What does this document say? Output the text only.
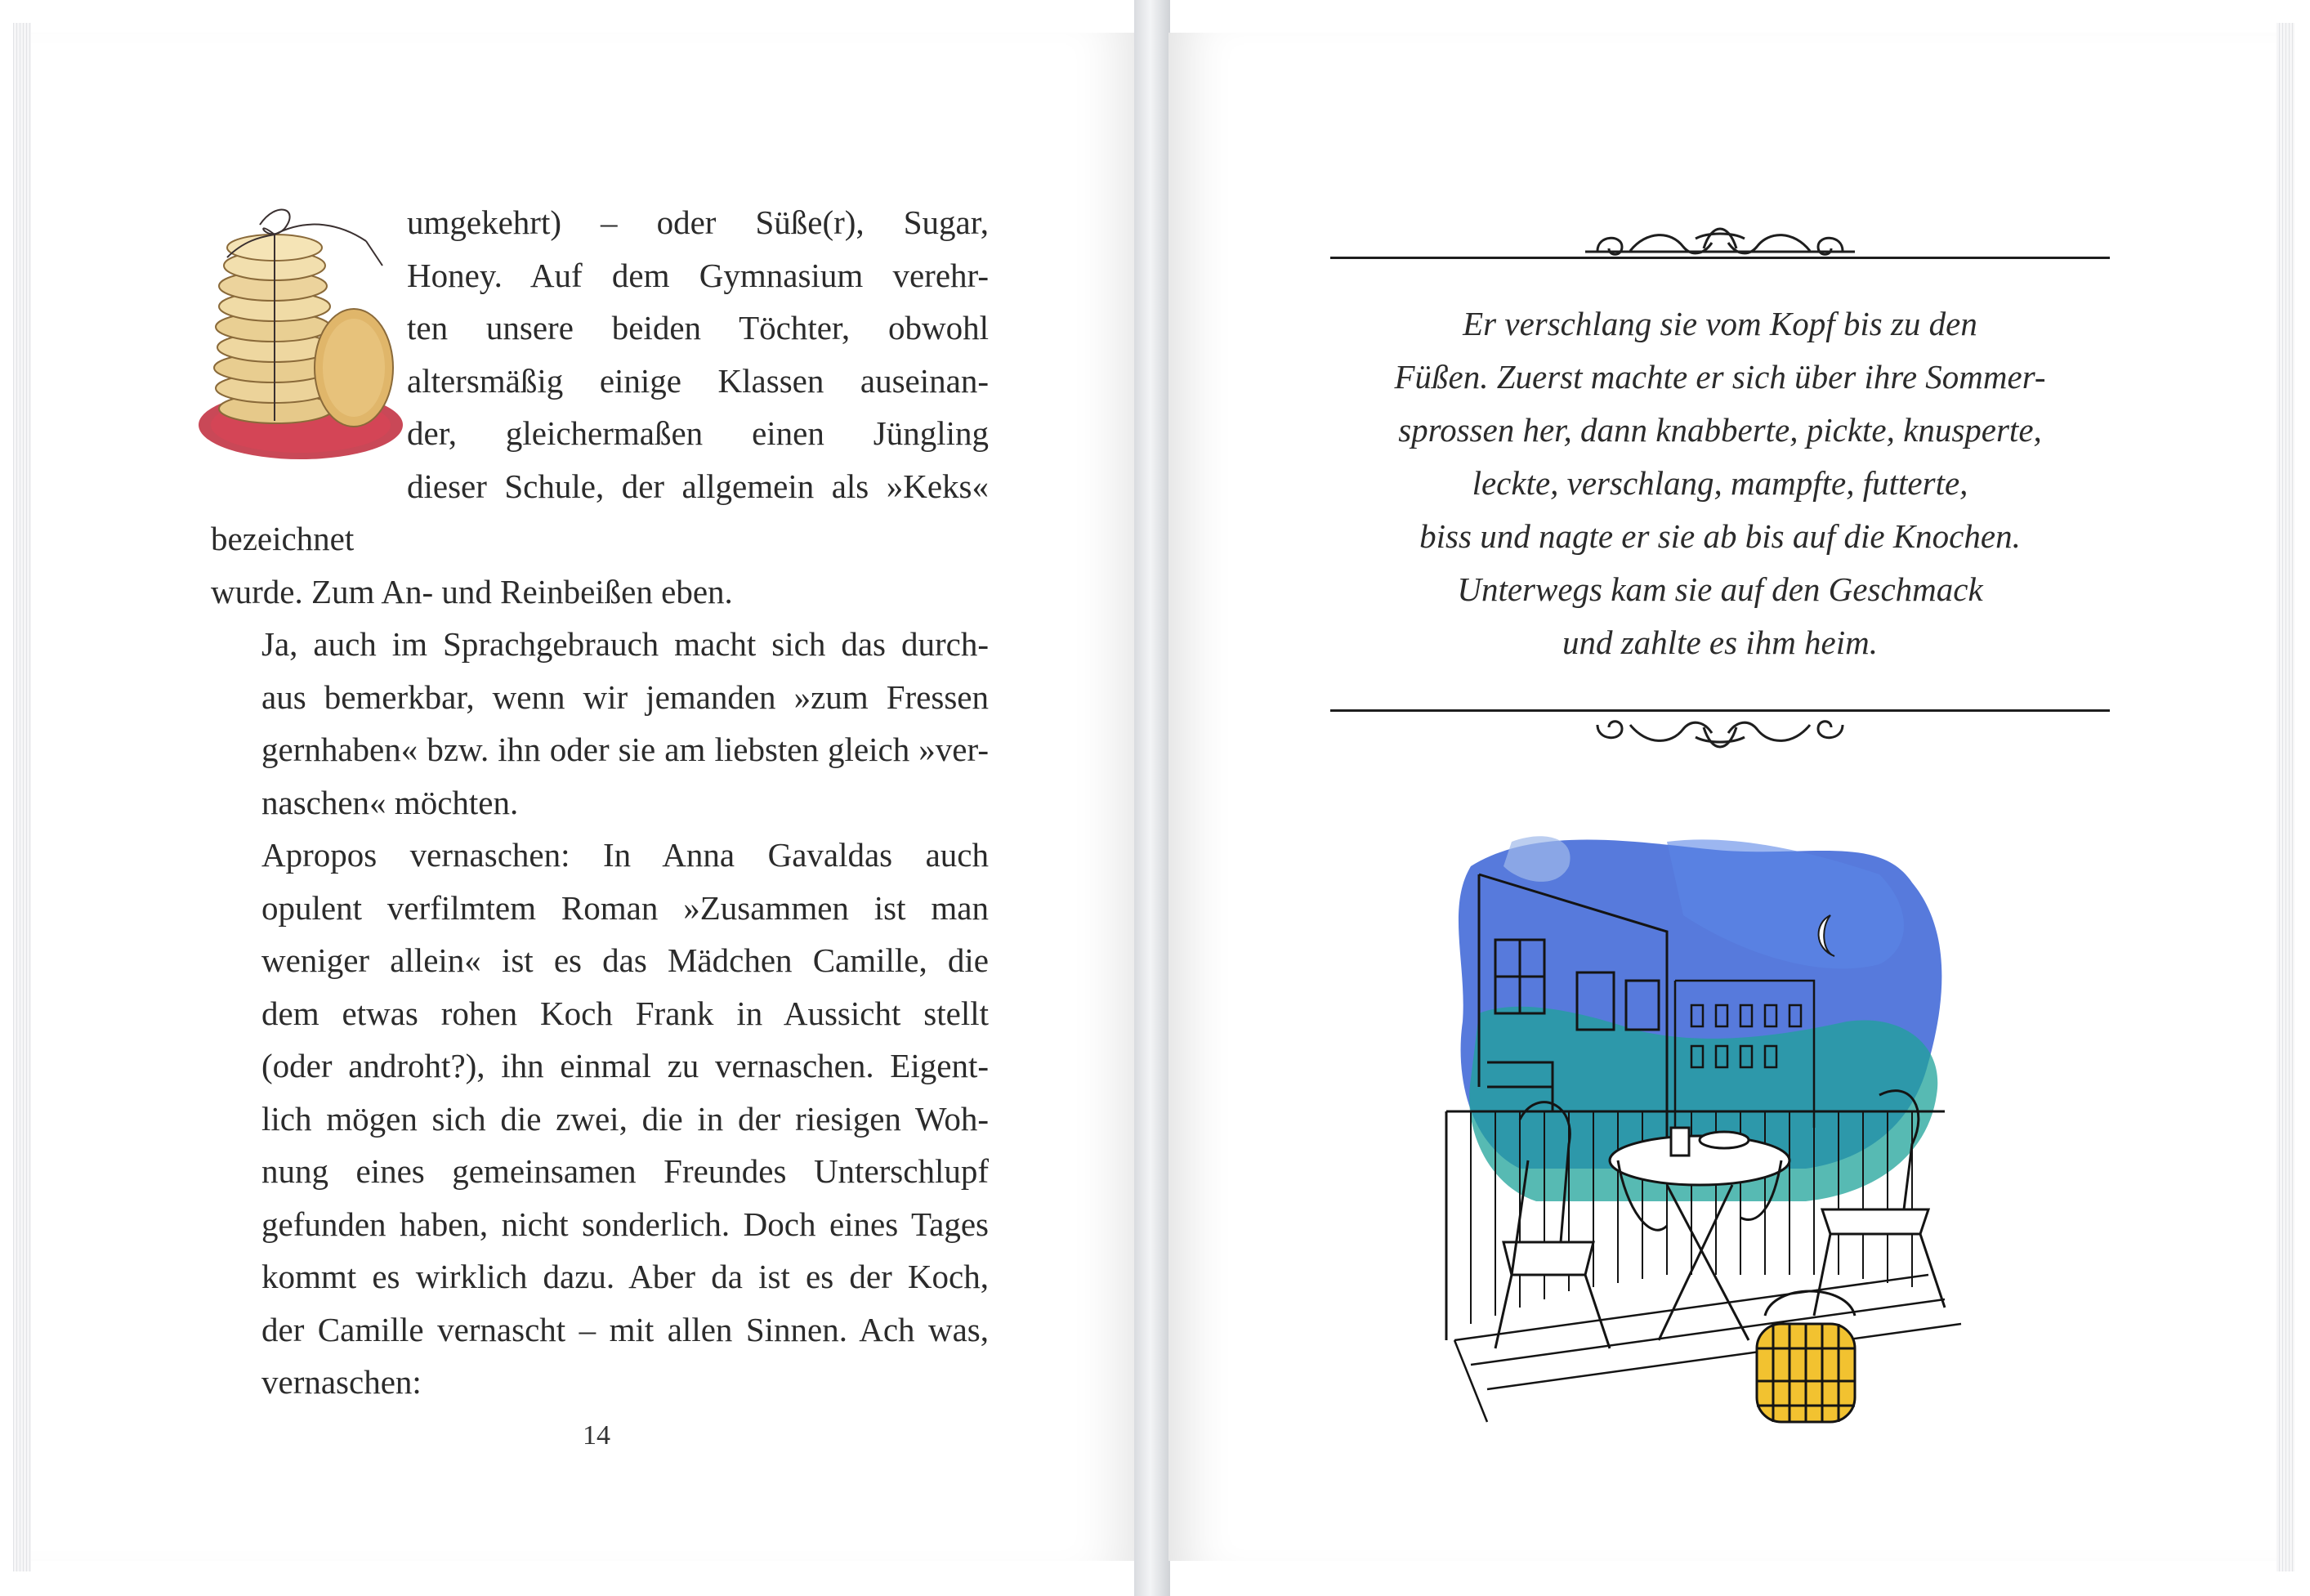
umgekehrt) – oder Süße(r), Sugar,
Honey. Auf dem Gymnasium verehr-
ten unsere beiden Töchter, obwohl
altersmäßig einige Klassen auseinan-
der, gleichermaßen einen Jüngling
dieser Schule, der allgemein als »Keks« bezeichnet
wurde. Zum An- und Reinbeißen eben.

Ja, auch im Sprachgebrauch macht sich das durch-
aus bemerkbar, wenn wir jemanden »zum Fressen
gernhaben« bzw. ihn oder sie am liebsten gleich »ver-
naschen« möchten.

Apropos vernaschen: In Anna Gavaldas auch
opulent verfilmtem Roman »Zusammen ist man
weniger allein« ist es das Mädchen Camille, die
dem etwas rohen Koch Frank in Aussicht stellt
(oder androht?), ihn einmal zu vernaschen. Eigent-
lich mögen sich die zwei, die in der riesigen Woh-
nung eines gemeinsamen Freundes Unterschlupf
gefunden haben, nicht sonderlich. Doch eines Tages
kommt es wirklich dazu. Aber da ist es der Koch,
der Camille vernascht – mit allen Sinnen. Ach was,
vernaschen:

14
Er verschlang sie vom Kopf bis zu den
Füßen. Zuerst machte er sich über ihre Sommer-
sprossen her, dann knabberte, pickte, knusperte,
leckte, verschlang, mampfte, futterte,
biss und nagte er sie ab bis auf die Knochen.
Unterwegs kam sie auf den Geschmack
und zahlte es ihm heim.
